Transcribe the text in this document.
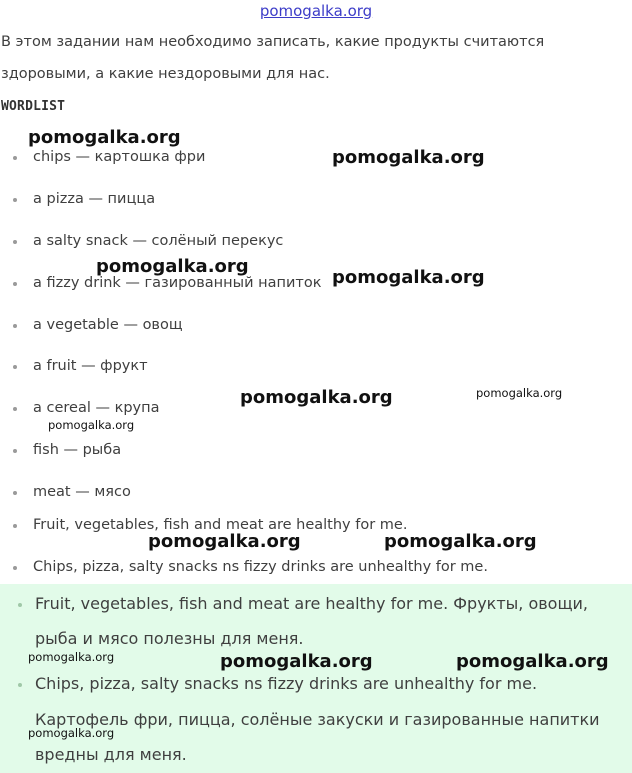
pomogalka.org
В этом задании нам необходимо записать, какие продукты считаются
здоровыми, а какие нездоровыми для нас.
WORDLIST
chips — картошка фри
a pizza — пицца
a salty snack — солёный перекус
a fizzy drink — газированный напиток
a vegetable — овощ
a fruit — фрукт
a cereal — крупа
fish — рыба
meat — мясо
Fruit, vegetables, fish and meat are healthy for me.
Chips, pizza, salty snacks ns fizzy drinks are unhealthy for me.
Fruit, vegetables, fish and meat are healthy for me. Фрукты, овощи,
рыба и мясо полезны для меня.
Chips, pizza, salty snacks ns fizzy drinks are unhealthy for me.
Картофель фри, пицца, солёные закуски и газированные напитки
вредны для меня.
pomogalka.org
pomogalka.org
pomogalka.org
pomogalka.org
pomogalka.org	pomogalka.org
pomogalka.org
pomogalka.org	pomogalka.org
pomogalka.org	pomogalka.org	pomogalka.org
pomogalka.org
